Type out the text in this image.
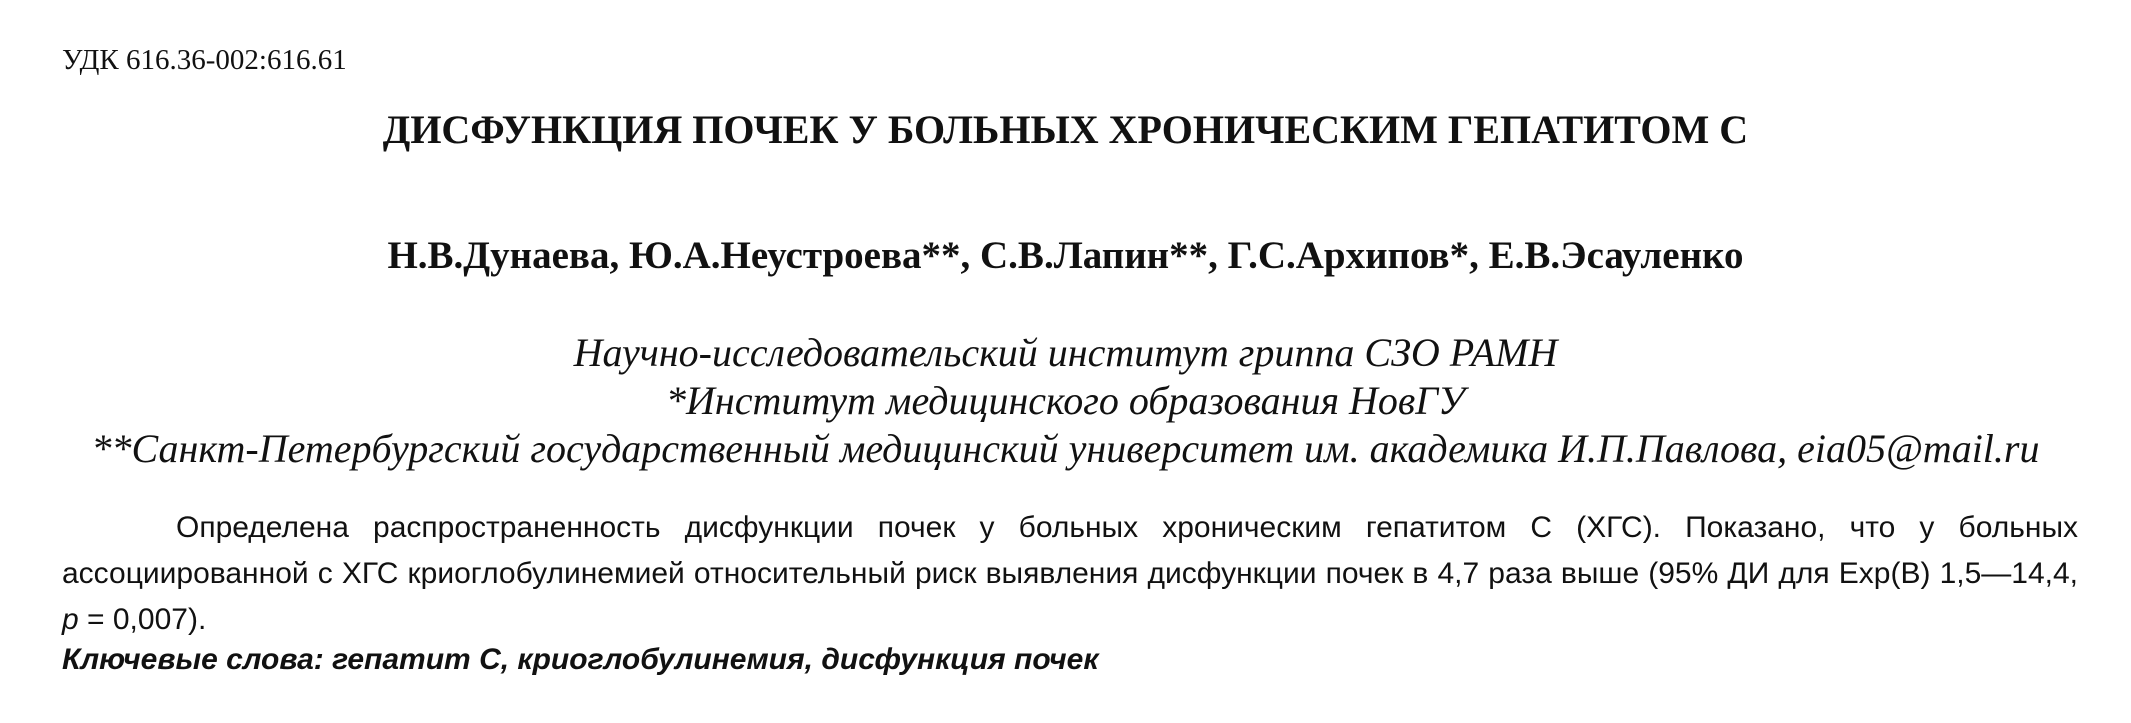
УДК 616.36-002:616.61
ДИСФУНКЦИЯ ПОЧЕК У БОЛЬНЫХ ХРОНИЧЕСКИМ ГЕПАТИТОМ С
Н.В.Дунаева, Ю.А.Неустроева**, С.В.Лапин**, Г.С.Архипов*, Е.В.Эсауленко
Научно-исследовательский институт гриппа СЗО РАМН
*Институт медицинского образования НовГУ
**Санкт-Петербургский государственный медицинский университет им. академика И.П.Павлова, eia05@mail.ru

Определена распространенность дисфункции почек у больных хроническим гепатитом С (ХГС). Показано, что у больных ассоциированной с ХГС криоглобулинемией относительный риск выявления дисфункции почек в 4,7 раза выше (95% ДИ для Exp(B) 1,5—14,4, p = 0,007).

Ключевые слова: гепатит С, криоглобулинемия, дисфункция почек
